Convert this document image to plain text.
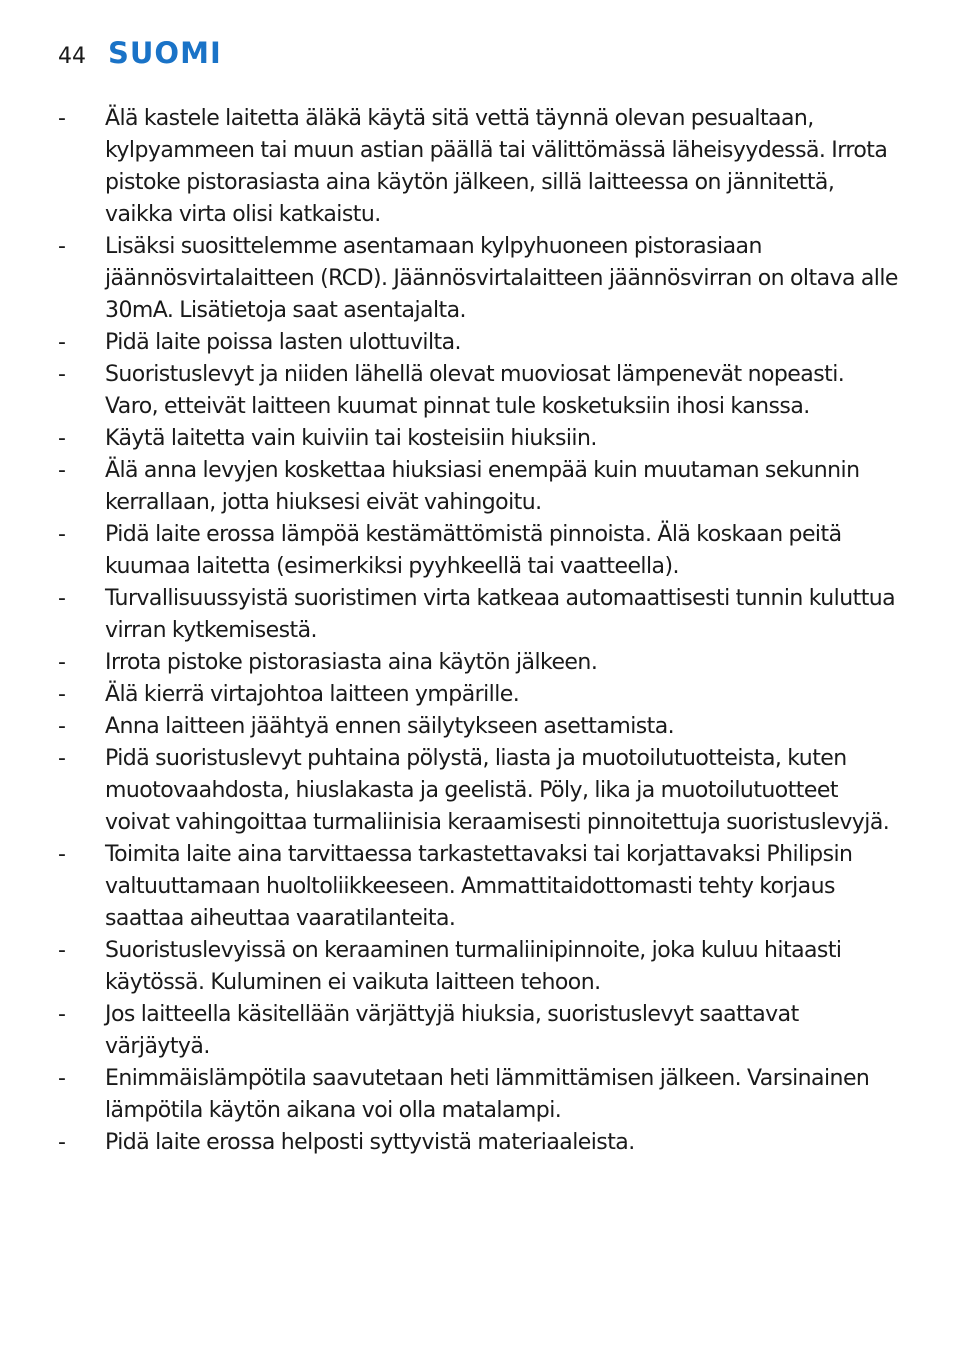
44 SUOMI
- Älä kastele laitetta äläkä käytä sitä vettä täynnä olevan pesualtaan, kylpyammeen tai muun astian päällä tai välittömässä läheisyydessä. Irrota pistoke pistorasiasta aina käytön jälkeen, sillä laitteessa on jännitettä, vaikka virta olisi katkaistu.
- Lisäksi suosittelemme asentamaan kylpyhuoneen pistorasiaan jäännösvirtalaitteen (RCD). Jäännösvirtalaitteen jäännösvirran on oltava alle 30mA. Lisätietoja saat asentajalta.
- Pidä laite poissa lasten ulottuvilta.
- Suoristuslevyt ja niiden lähellä olevat muoviosat lämpenevät nopeasti. Varo, etteivät laitteen kuumat pinnat tule kosketuksiin ihosi kanssa.
- Käytä laitetta vain kuiviin tai kosteisiin hiuksiin.
- Älä anna levyjen koskettaa hiuksiasi enempää kuin muutaman sekunnin kerrallaan, jotta hiuksesi eivät vahingoitu.
- Pidä laite erossa lämpöä kestämättömistä pinnoista. Älä koskaan peitä kuumaa laitetta (esimerkiksi pyyhkeellä tai vaatteella).
- Turvallisuussyistä suoristimen virta katkeaa automaattisesti tunnin kuluttua virran kytkemisestä.
- Irrota pistoke pistorasiasta aina käytön jälkeen.
- Älä kierrä virtajohtoa laitteen ympärille.
- Anna laitteen jäähtyä ennen säilytykseen asettamista.
- Pidä suoristuslevyt puhtaina pölystä, liasta ja muotoilutuotteista, kuten muotovaahdosta, hiuslakasta ja geelistä. Pöly, lika ja muotoilutuotteet voivat vahingoittaa turmaliinisia keraamisesti pinnoitettuja suoristuslevyjä.
- Toimita laite aina tarvittaessa tarkastettavaksi tai korjattavaksi Philipsin valtuuttamaan huoltoliikkeeseen. Ammattitaidottomasti tehty korjaus saattaa aiheuttaa vaaratilanteita.
- Suoristuslevyissä on keraaminen turmaliinipinnoite, joka kuluu hitaasti käytössä. Kuluminen ei vaikuta laitteen tehoon.
- Jos laitteella käsitellään värjättyjä hiuksia, suoristuslevyt saattavat värjäytyä.
- Enimmäislämpötila saavutetaan heti lämmittämisen jälkeen. Varsinainen lämpötila käytön aikana voi olla matalampi.
- Pidä laite erossa helposti syttyvistä materiaaleista.
